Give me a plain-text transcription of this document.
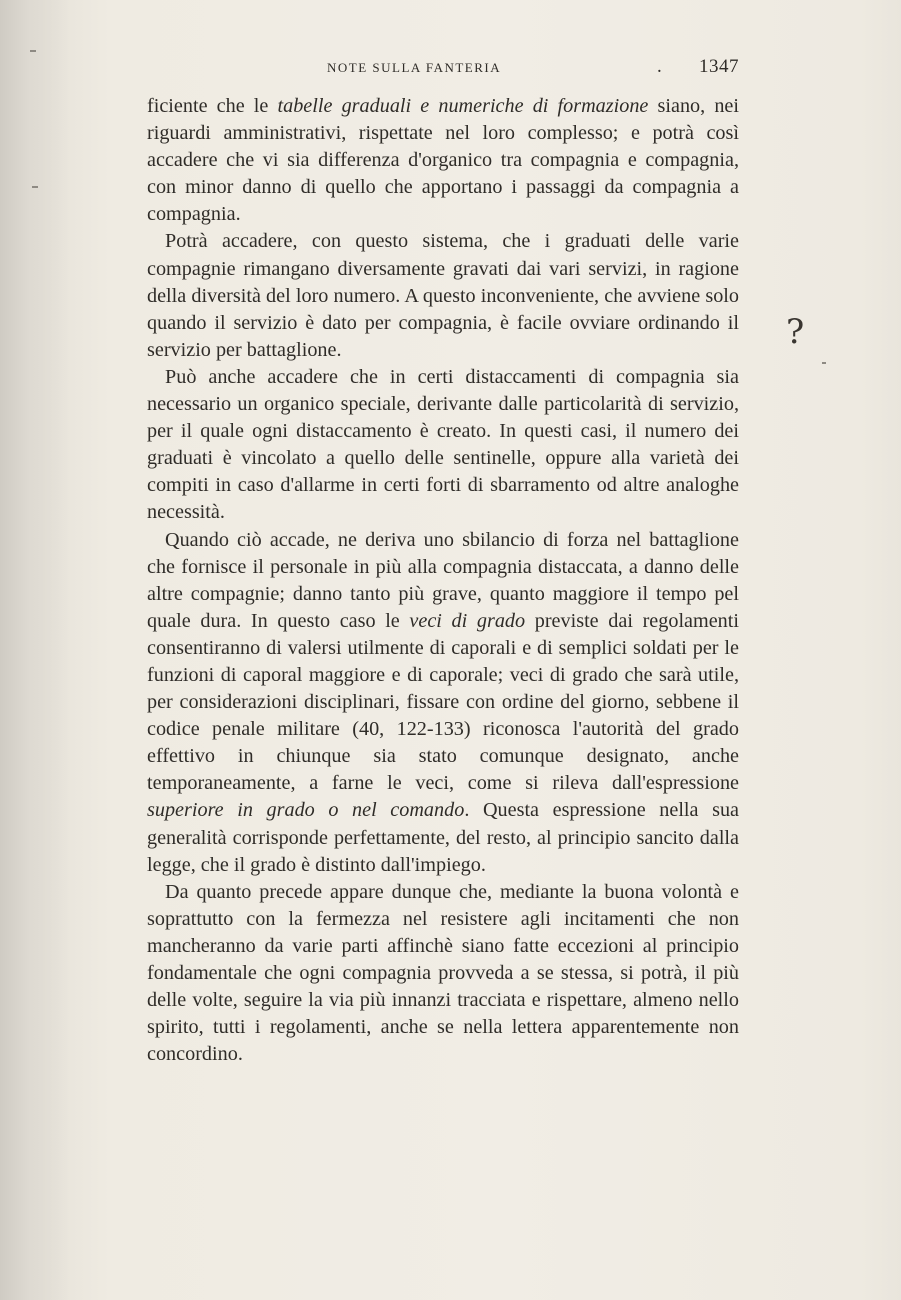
NOTE SULLA FANTERIA	. 1347

ficiente che le tabelle graduali e numeriche di formazione siano, nei riguardi amministrativi, rispettate nel loro complesso; e potrà così accadere che vi sia differenza d'organico tra compagnia e compagnia, con minor danno di quello che apportano i passaggi da compagnia a compagnia.

Potrà accadere, con questo sistema, che i graduati delle varie compagnie rimangano diversamente gravati dai vari servizi, in ragione della diversità del loro numero. A questo inconveniente, che avviene solo quando il servizio è dato per compagnia, è facile ovviare ordinando il servizio per battaglione.

Può anche accadere che in certi distaccamenti di compagnia sia necessario un organico speciale, derivante dalle particolarità di servizio, per il quale ogni distaccamento è creato. In questi casi, il numero dei graduati è vincolato a quello delle sentinelle, oppure alla varietà dei compiti in caso d'allarme in certi forti di sbarramento od altre analoghe necessità.

Quando ciò accade, ne deriva uno sbilancio di forza nel battaglione che fornisce il personale in più alla compagnia distaccata, a danno delle altre compagnie; danno tanto più grave, quanto maggiore il tempo pel quale dura. In questo caso le veci di grado previste dai regolamenti consentiranno di valersi utilmente di caporali e di semplici soldati per le funzioni di caporal maggiore e di caporale; veci di grado che sarà utile, per considerazioni disciplinari, fissare con ordine del giorno, sebbene il codice penale militare (40, 122-133) riconosca l'autorità del grado effettivo in chiunque sia stato comunque designato, anche temporaneamente, a farne le veci, come si rileva dall'espressione superiore in grado o nel comando. Questa espressione nella sua generalità corrisponde perfettamente, del resto, al principio sancito dalla legge, che il grado è distinto dall'impiego.

Da quanto precede appare dunque che, mediante la buona volontà e soprattutto con la fermezza nel resistere agli incitamenti che non mancheranno da varie parti affinchè siano fatte eccezioni al principio fondamentale che ogni compagnia provveda a se stessa, si potrà, il più delle volte, seguire la via più innanzi tracciata e rispettare, almeno nello spirito, tutti i regolamenti, anche se nella lettera apparentemente non concordino.

?
